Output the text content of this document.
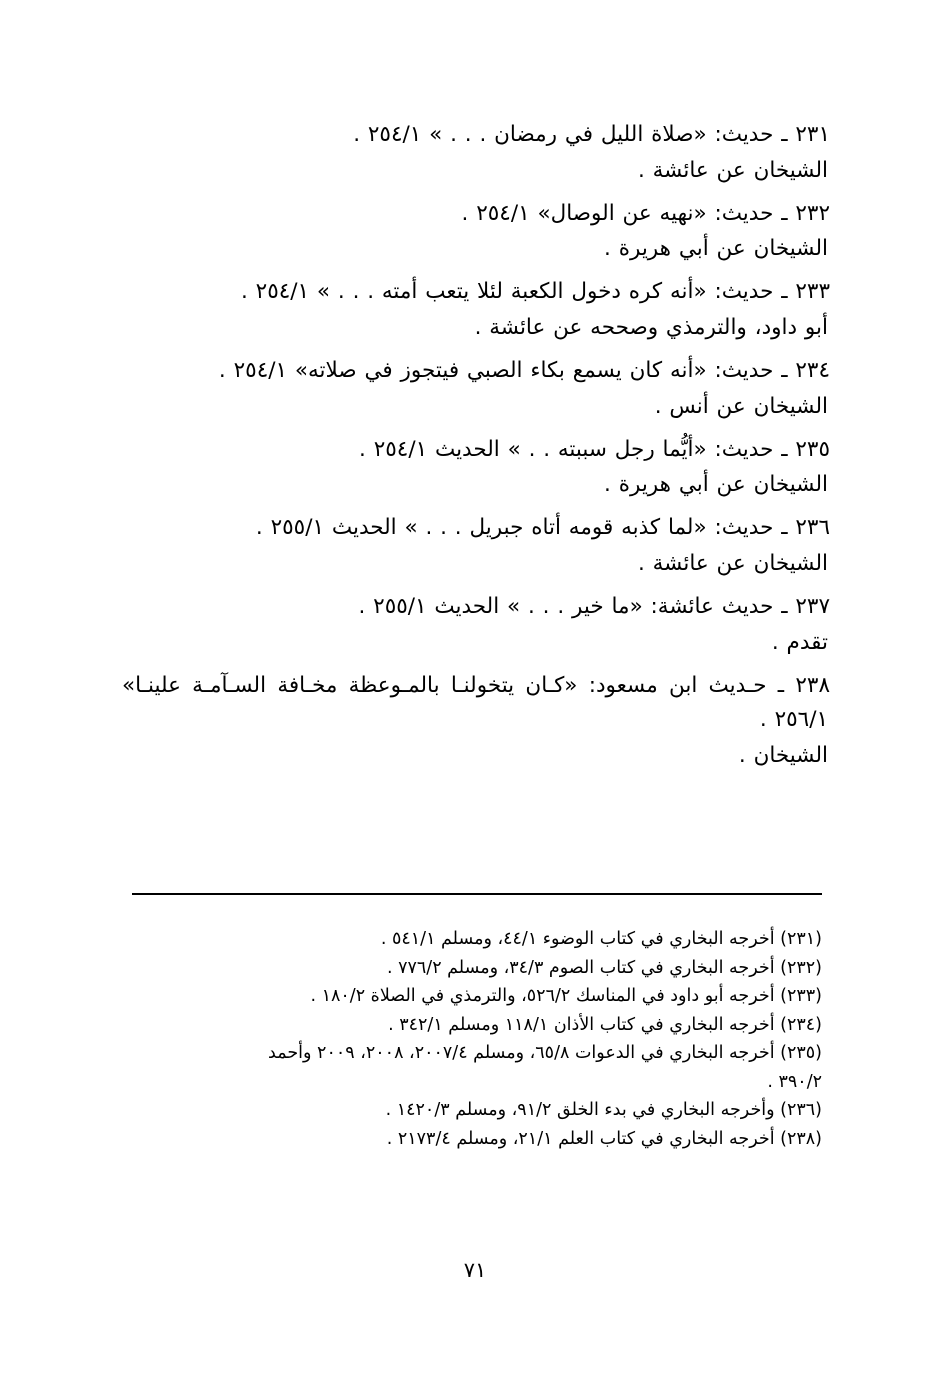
٢٣١ ـ حديث: «صلاة الليل في رمضان . . . » ٢٥٤/١ .
الشيخان عن عائشة .
٢٣٢ ـ حديث: «نهيه عن الوصال» ٢٥٤/١ .
الشيخان عن أبي هريرة .
٢٣٣ ـ حديث: «أنه كره دخول الكعبة لئلا يتعب أمته . . . » ٢٥٤/١ .
أبو داود، والترمذي وصححه عن عائشة .
٢٣٤ ـ حديث: «أنه كان يسمع بكاء الصبي فيتجوز في صلاته» ٢٥٤/١ .
الشيخان عن أنس .
٢٣٥ ـ حديث: «أيُّما رجل سببته . . » الحديث ٢٥٤/١ .
الشيخان عن أبي هريرة .
٢٣٦ ـ حديث: «لما كذبه قومه أتاه جبريل . . . » الحديث ٢٥٥/١ .
الشيخان عن عائشة .
٢٣٧ ـ حديث عائشة: «ما خير . . . » الحديث ٢٥٥/١ .
تقدم .
٢٣٨ ـ حـديث ابن مسعود: «كـان يتخولنـا بالمـوعظة مخـافة السـآمـة علينـا»
٢٥٦/١ .
الشيخان .
(٢٣١) أخرجه البخاري في كتاب الوضوء ٤٤/١، ومسلم ٥٤١/١ .
(٢٣٢) أخرجه البخاري في كتاب الصوم ٣٤/٣، ومسلم ٧٧٦/٢ .
(٢٣٣) أخرجه أبو داود في المناسك ٥٢٦/٢، والترمذي في الصلاة ١٨٠/٢ .
(٢٣٤) أخرجه البخاري في كتاب الأذان ١١٨/١ ومسلم ٣٤٢/١ .
(٢٣٥) أخرجه البخاري في الدعوات ٦٥/٨، ومسلم ٢٠٠٧/٤، ٢٠٠٨، ٢٠٠٩ وأحمد
٣٩٠/٢ .
(٢٣٦) وأخرجه البخاري في بدء الخلق ٩١/٢، ومسلم ١٤٢٠/٣ .
(٢٣٨) أخرجه البخاري في كتاب العلم ٢١/١، ومسلم ٢١٧٣/٤ .
٧١
